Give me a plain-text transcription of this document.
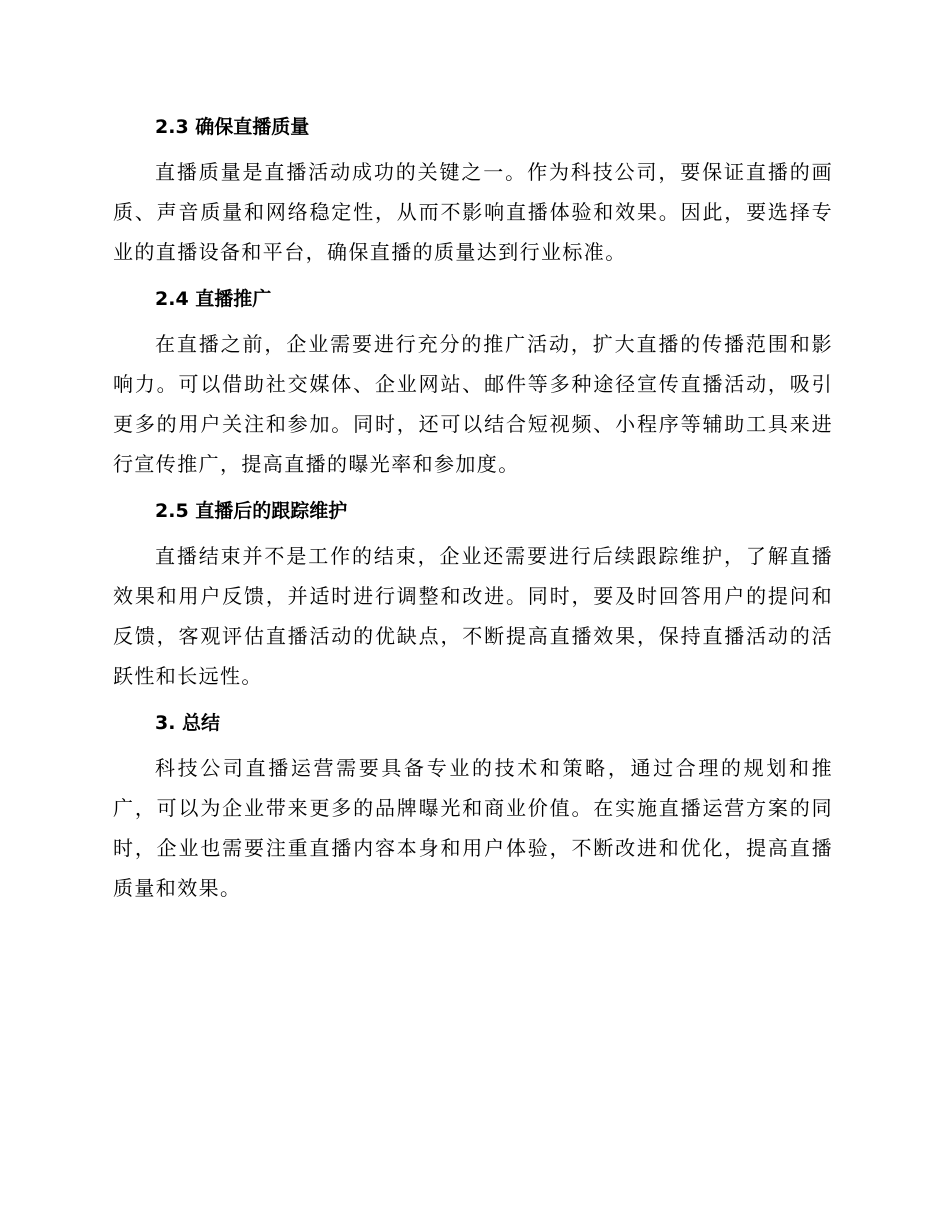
2.3 确保直播质量

直播质量是直播活动成功的关键之一。作为科技公司，要保证直播的画质、声音质量和网络稳定性，从而不影响直播体验和效果。因此，要选择专业的直播设备和平台，确保直播的质量达到行业标准。

2.4 直播推广

在直播之前，企业需要进行充分的推广活动，扩大直播的传播范围和影响力。可以借助社交媒体、企业网站、邮件等多种途径宣传直播活动，吸引更多的用户关注和参加。同时，还可以结合短视频、小程序等辅助工具来进行宣传推广，提高直播的曝光率和参加度。

2.5 直播后的跟踪维护

直播结束并不是工作的结束，企业还需要进行后续跟踪维护，了解直播效果和用户反馈，并适时进行调整和改进。同时，要及时回答用户的提问和反馈，客观评估直播活动的优缺点，不断提高直播效果，保持直播活动的活跃性和长远性。

3. 总结

科技公司直播运营需要具备专业的技术和策略，通过合理的规划和推广，可以为企业带来更多的品牌曝光和商业价值。在实施直播运营方案的同时，企业也需要注重直播内容本身和用户体验，不断改进和优化，提高直播质量和效果。
